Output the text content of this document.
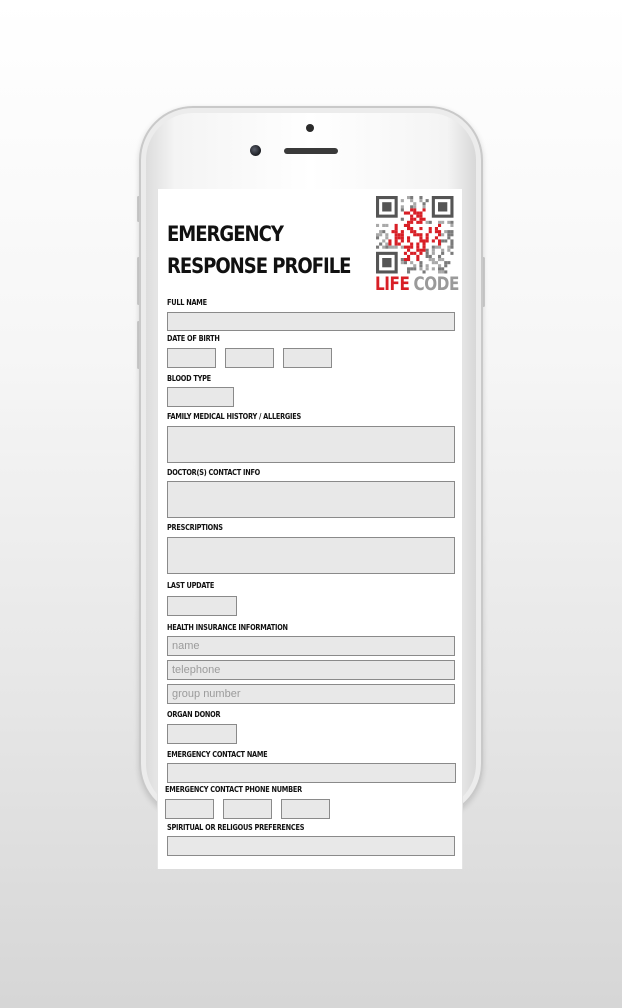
EMERGENCY
RESPONSE PROFILE

LIFE CODE

FULL NAME

DATE OF BIRTH

BLOOD TYPE

FAMILY MEDICAL HISTORY / ALLERGIES

DOCTOR(S) CONTACT INFO

PRESCRIPTIONS

LAST UPDATE

HEALTH INSURANCE INFORMATION

name
telephone
group number

ORGAN DONOR

EMERGENCY CONTACT NAME

EMERGENCY CONTACT PHONE NUMBER

SPIRITUAL OR RELIGOUS PREFERENCES
